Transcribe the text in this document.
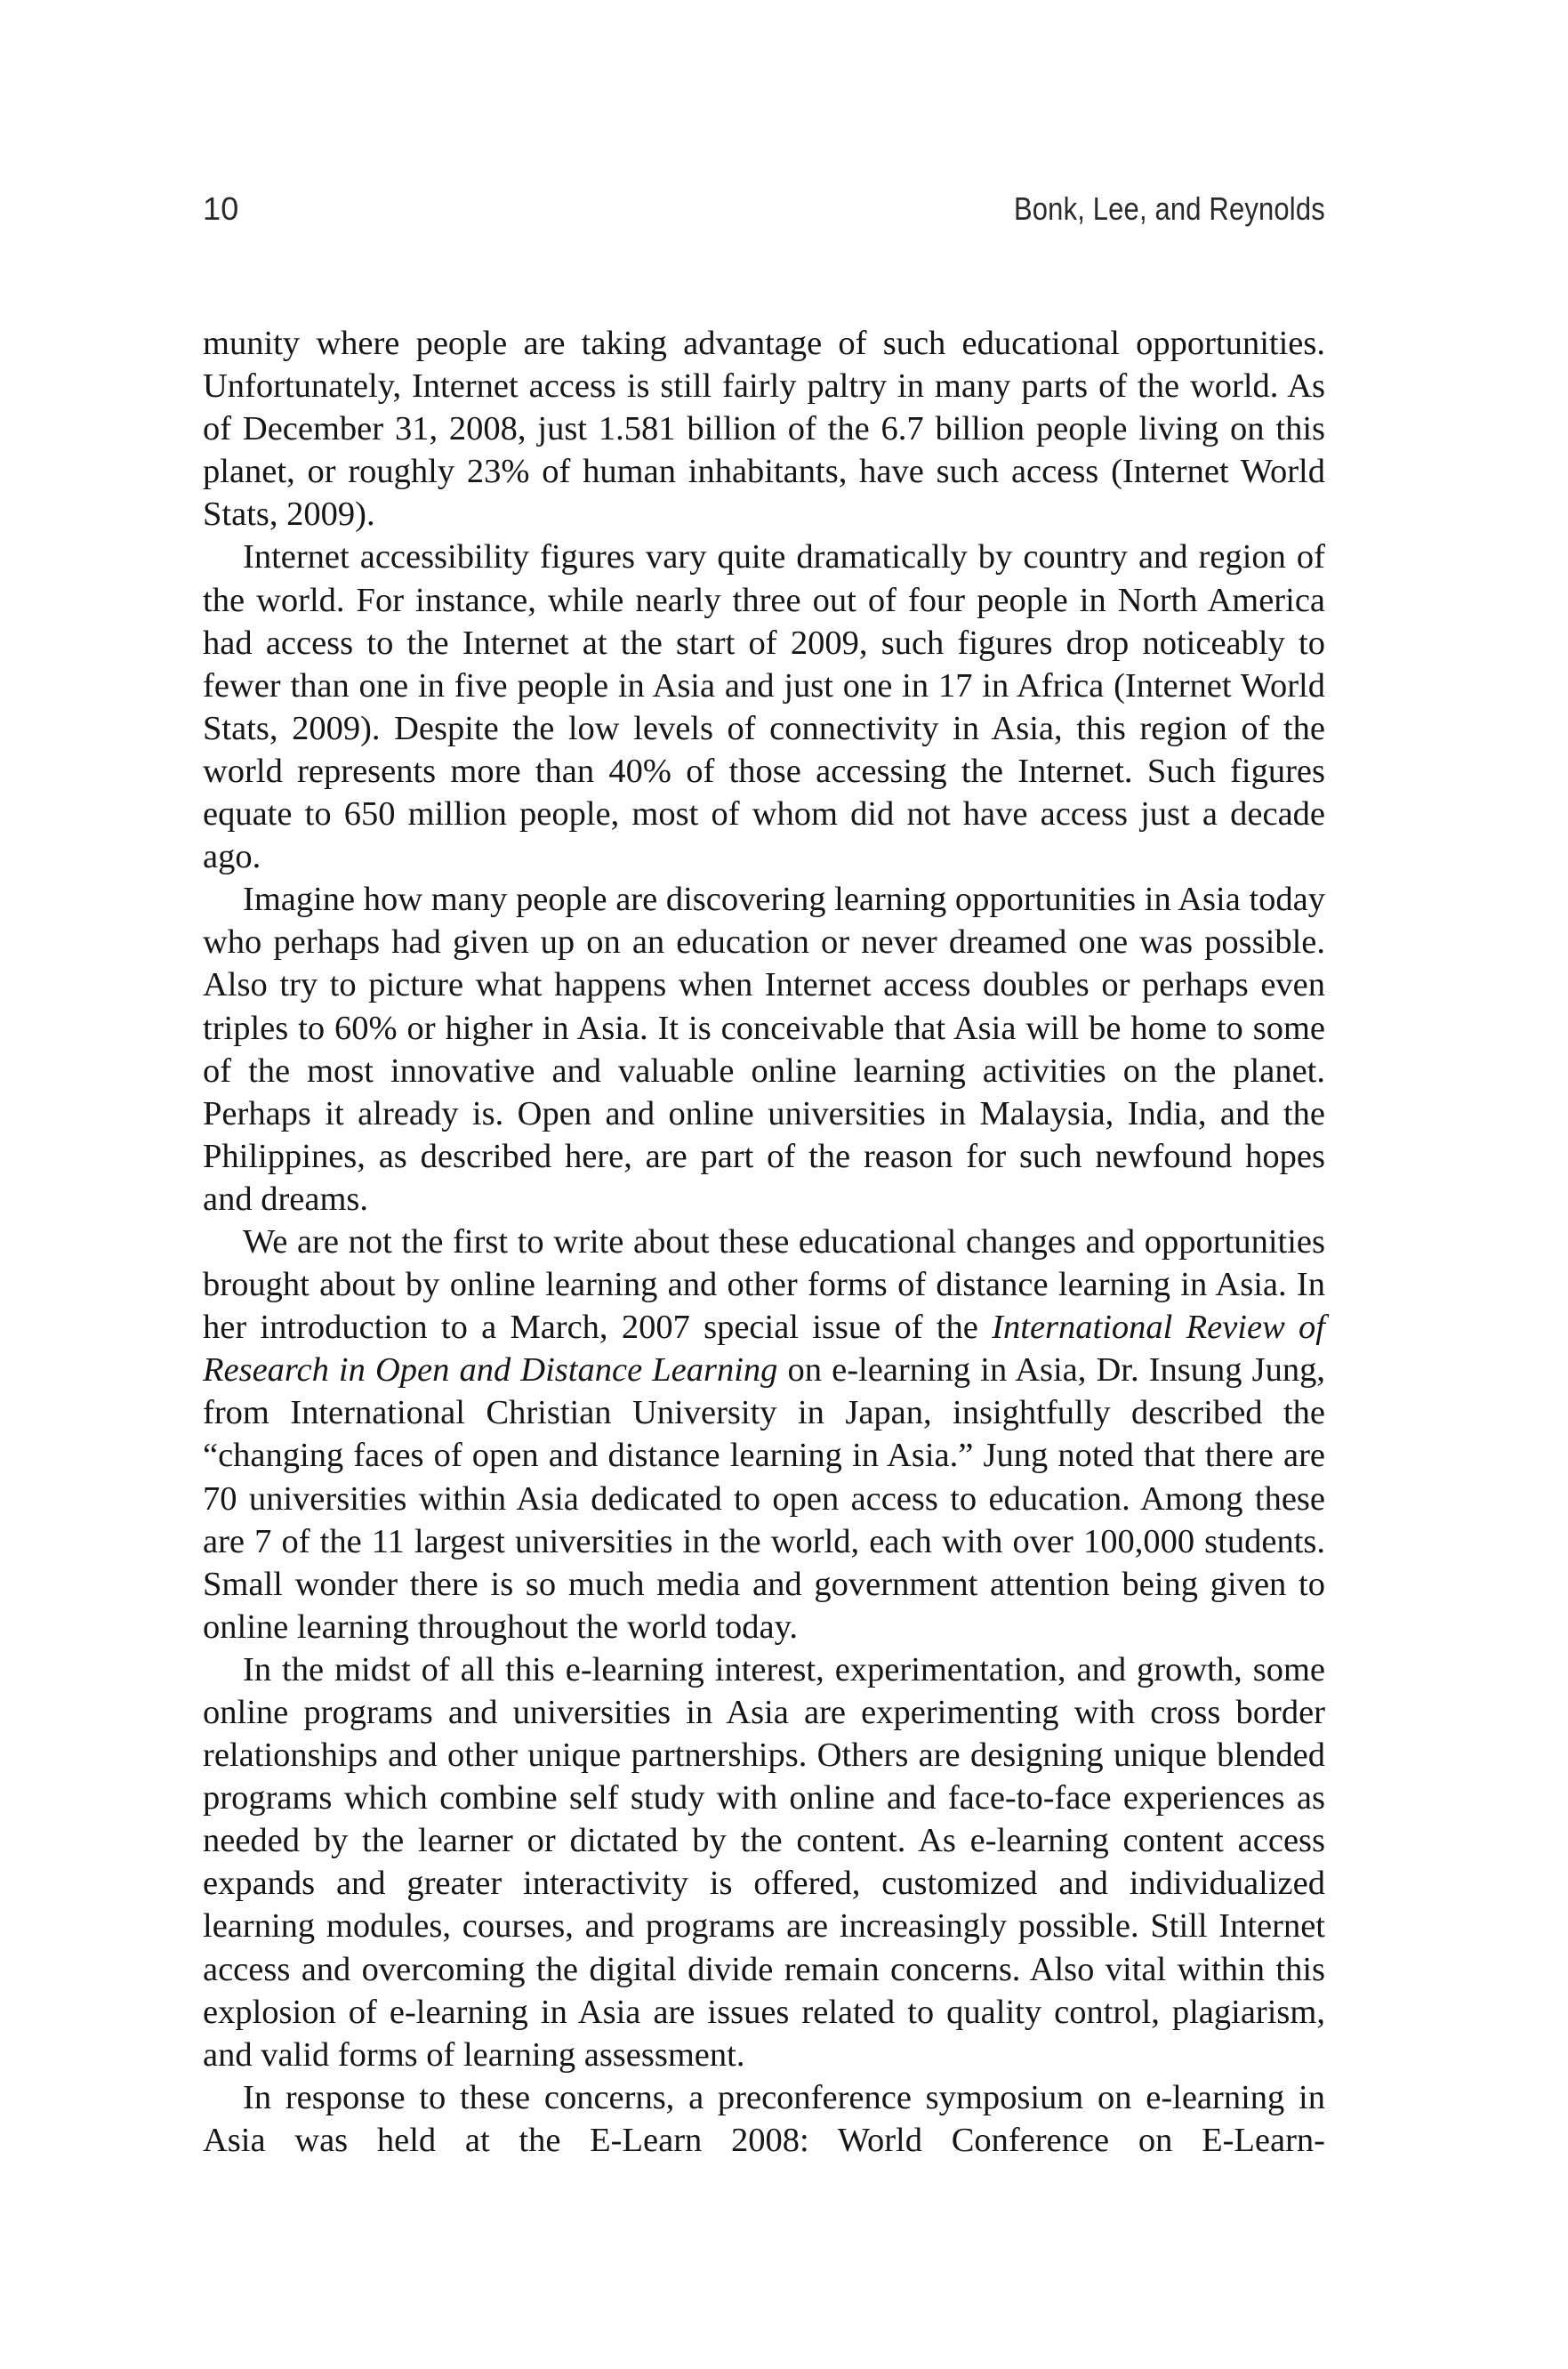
10	Bonk, Lee, and Reynolds

munity where people are taking advantage of such educational opportunities. Unfortunately, Internet access is still fairly paltry in many parts of the world. As of December 31, 2008, just 1.581 billion of the 6.7 billion people living on this planet, or roughly 23% of human inhabitants, have such access (Internet World Stats, 2009).

Internet accessibility figures vary quite dramatically by country and region of the world. For instance, while nearly three out of four people in North America had access to the Internet at the start of 2009, such figures drop noticeably to fewer than one in five people in Asia and just one in 17 in Africa (Internet World Stats, 2009). Despite the low levels of connectivity in Asia, this region of the world represents more than 40% of those accessing the Internet. Such figures equate to 650 million people, most of whom did not have access just a decade ago.

Imagine how many people are discovering learning opportunities in Asia today who perhaps had given up on an education or never dreamed one was possible. Also try to picture what happens when Internet access doubles or perhaps even triples to 60% or higher in Asia. It is conceivable that Asia will be home to some of the most innovative and valuable online learning activities on the planet. Perhaps it already is. Open and online universities in Malaysia, India, and the Philippines, as described here, are part of the reason for such newfound hopes and dreams.

We are not the first to write about these educational changes and opportunities brought about by online learning and other forms of distance learning in Asia. In her introduction to a March, 2007 special issue of the International Review of Research in Open and Distance Learning on e-learning in Asia, Dr. Insung Jung, from International Christian University in Japan, insightfully described the “changing faces of open and distance learning in Asia.” Jung noted that there are 70 universities within Asia dedicated to open access to education. Among these are 7 of the 11 largest universities in the world, each with over 100,000 students. Small wonder there is so much media and government attention being given to online learning throughout the world today.

In the midst of all this e-learning interest, experimentation, and growth, some online programs and universities in Asia are experimenting with cross border relationships and other unique partnerships. Others are designing unique blended programs which combine self study with online and face-to-face experiences as needed by the learner or dictated by the content. As e-learning content access expands and greater interactivity is offered, customized and individualized learning modules, courses, and programs are increasingly possible. Still Internet access and overcoming the digital divide remain concerns. Also vital within this explosion of e-learning in Asia are issues related to quality control, plagiarism, and valid forms of learning assessment.

In response to these concerns, a preconference symposium on e-learning in Asia was held at the E-Learn 2008: World Conference on E-Learn-
